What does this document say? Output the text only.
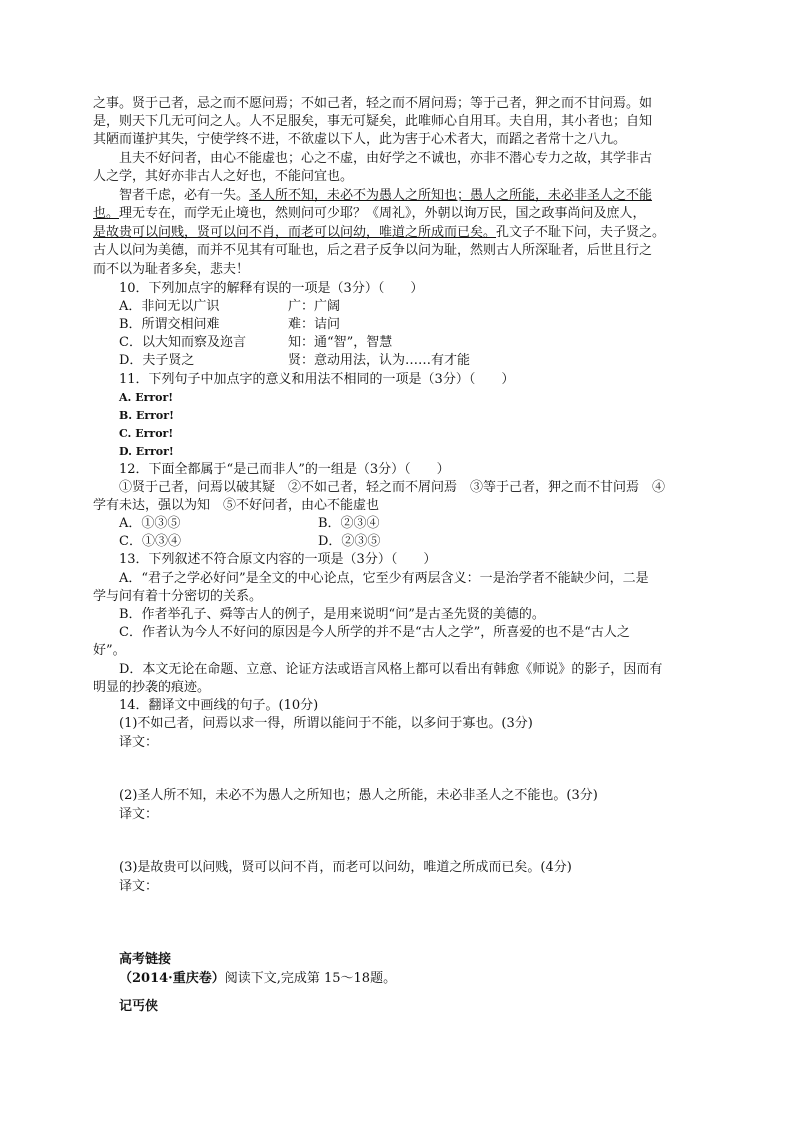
之事。贤于己者，忌之而不愿问焉；不如己者，轻之而不屑问焉；等于己者，狎之而不甘问焉。如
是，则天下几无可问之人。人不足服矣，事无可疑矣，此唯师心自用耳。夫自用，其小者也；自知
其陋而谨护其失，宁使学终不进，不欲虚以下人，此为害于心术者大，而蹈之者常十之八九。
且夫不好问者，由心不能虚也；心之不虚，由好学之不诚也，亦非不潜心专力之故，其学非古
人之学，其好亦非古人之好也，不能问宜也。
智者千虑，必有一失。圣人所不知，未必不为愚人之所知也；愚人之所能，未必非圣人之不能
也。理无专在，而学无止境也，然则问可少耶？《周礼》，外朝以询万民，国之政事尚问及庶人，
是故贵可以问贱，贤可以问不肖，而老可以问幼，唯道之所成而已矣。孔文子不耻下问，夫子贤之。
古人以问为美德，而并不见其有可耻也，后之君子反争以问为耻，然则古人所深耻者，后世且行之
而不以为耻者多矣，悲夫！
10．下列加点字的解释有误的一项是（3分）（　　）
A．非问无以广识	广：广阔
B．所谓交相问难	难：诘问
C．以大知而察及迩言	知：通“智”，智慧
D．夫子贤之	贤：意动用法，认为……有才能
11．下列句子中加点字的意义和用法不相同的一项是（3分）（　　）
A. Error!
B. Error!
C. Error!
D. Error!
12．下面全都属于“是己而非人”的一组是（3分）（　　）
①贤于己者，问焉以破其疑　②不如己者，轻之而不屑问焉　③等于己者，狎之而不甘问焉　④
学有未达，强以为知　⑤不好问者，由心不能虚也
A．①③⑤	B．②③④
C．①③④	D．②③⑤
13．下列叙述不符合原文内容的一项是（3分）（　　）
A．“君子之学必好问”是全文的中心论点，它至少有两层含义：一是治学者不能缺少问，二是
学与问有着十分密切的关系。
B．作者举孔子、舜等古人的例子，是用来说明“问”是古圣先贤的美德的。
C．作者认为今人不好问的原因是今人所学的并不是“古人之学”，所喜爱的也不是“古人之
好”。
D．本文无论在命题、立意、论证方法或语言风格上都可以看出有韩愈《师说》的影子，因而有
明显的抄袭的痕迹。
14．翻译文中画线的句子。(10分)
(1)不如己者，问焉以求一得，所谓以能问于不能，以多问于寡也。(3分)
译文：
(2)圣人所不知，未必不为愚人之所知也；愚人之所能，未必非圣人之不能也。(3分)
译文：
(3)是故贵可以问贱，贤可以问不肖，而老可以问幼，唯道之所成而已矣。(4分)
译文：
高考链接
（2014·重庆卷）阅读下文,完成第 15～18题。
记丐侠
